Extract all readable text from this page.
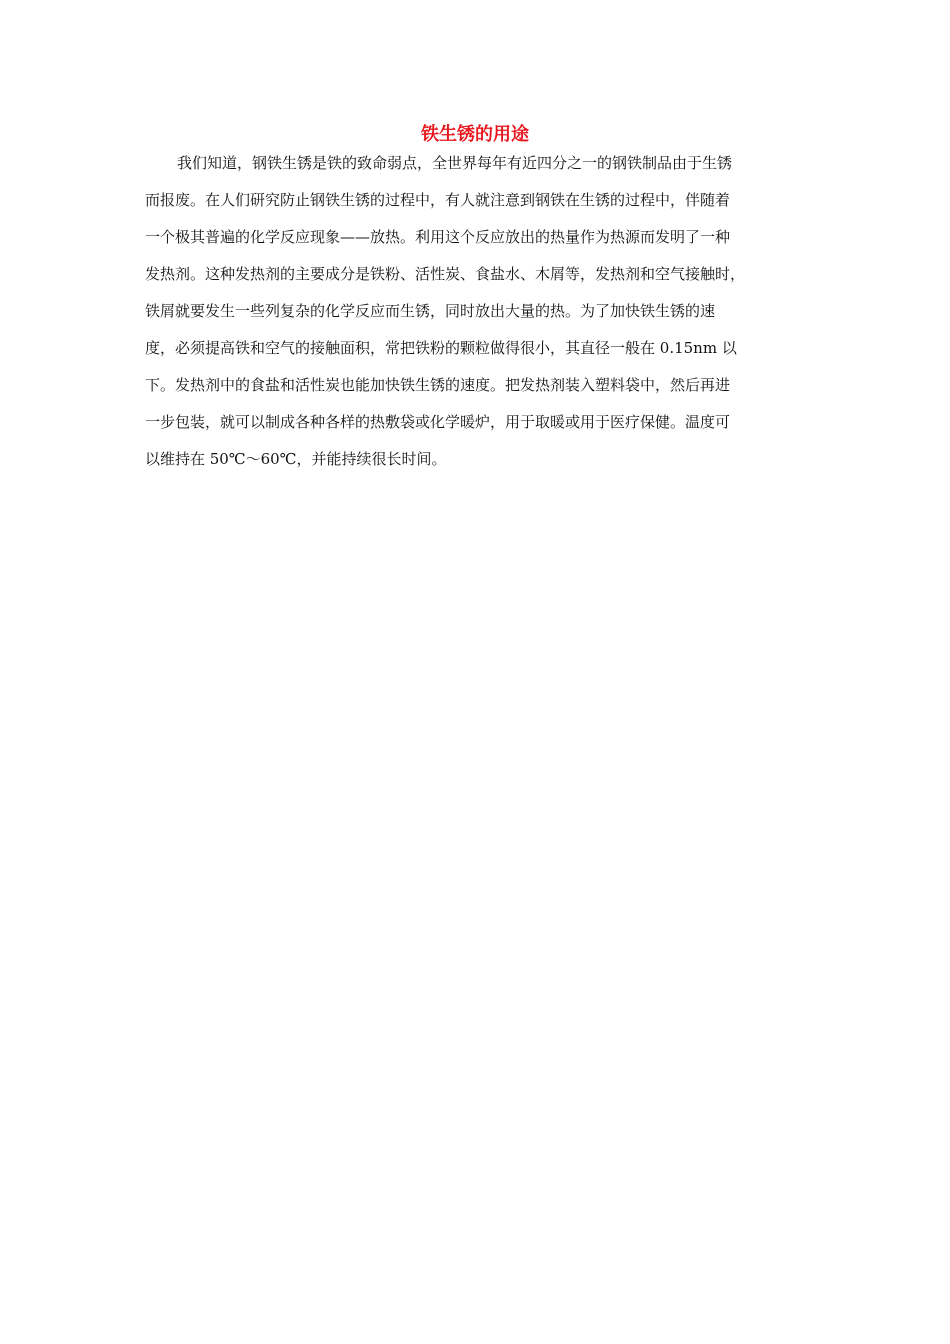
铁生锈的用途
我们知道，钢铁生锈是铁的致命弱点，全世界每年有近四分之一的钢铁制品由于生锈
而报废。在人们研究防止钢铁生锈的过程中，有人就注意到钢铁在生锈的过程中，伴随着
一个极其普遍的化学反应现象——放热。利用这个反应放出的热量作为热源而发明了一种
发热剂。这种发热剂的主要成分是铁粉、活性炭、食盐水、木屑等，发热剂和空气接触时，
铁屑就要发生一些列复杂的化学反应而生锈，同时放出大量的热。为了加快铁生锈的速
度，必须提高铁和空气的接触面积，常把铁粉的颗粒做得很小，其直径一般在 0.15nm 以
下。发热剂中的食盐和活性炭也能加快铁生锈的速度。把发热剂装入塑料袋中，然后再进
一步包装，就可以制成各种各样的热敷袋或化学暖炉，用于取暖或用于医疗保健。温度可
以维持在 50℃～60℃，并能持续很长时间。
